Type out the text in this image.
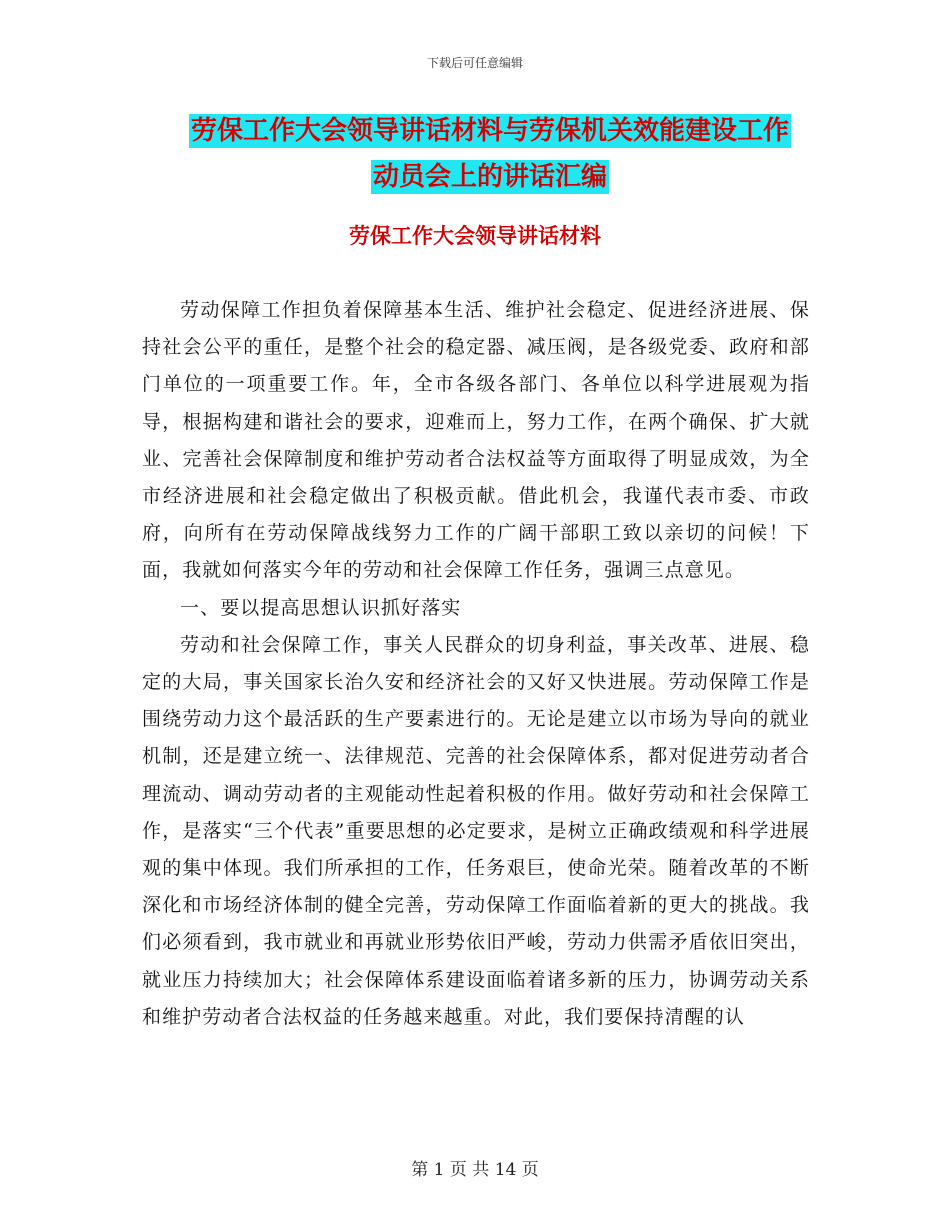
下载后可任意编辑
劳保工作大会领导讲话材料与劳保机关效能建设工作
动员会上的讲话汇编
劳保工作大会领导讲话材料

劳动保障工作担负着保障基本生活、维护社会稳定、促进经济进展、保持社会公平的重任，是整个社会的稳定器、减压阀，是各级党委、政府和部门单位的一项重要工作。年，全市各级各部门、各单位以科学进展观为指导，根据构建和谐社会的要求，迎难而上，努力工作，在两个确保、扩大就业、完善社会保障制度和维护劳动者合法权益等方面取得了明显成效，为全市经济进展和社会稳定做出了积极贡献。借此机会，我谨代表市委、市政府，向所有在劳动保障战线努力工作的广阔干部职工致以亲切的问候！下面，我就如何落实今年的劳动和社会保障工作任务，强调三点意见。

一、要以提高思想认识抓好落实

劳动和社会保障工作，事关人民群众的切身利益，事关改革、进展、稳定的大局，事关国家长治久安和经济社会的又好又快进展。劳动保障工作是围绕劳动力这个最活跃的生产要素进行的。无论是建立以市场为导向的就业机制，还是建立统一、法律规范、完善的社会保障体系，都对促进劳动者合理流动、调动劳动者的主观能动性起着积极的作用。做好劳动和社会保障工作，是落实“三个代表”重要思想的必定要求，是树立正确政绩观和科学进展观的集中体现。我们所承担的工作，任务艰巨，使命光荣。随着改革的不断深化和市场经济体制的健全完善，劳动保障工作面临着新的更大的挑战。我们必须看到，我市就业和再就业形势依旧严峻，劳动力供需矛盾依旧突出，就业压力持续加大；社会保障体系建设面临着诸多新的压力，协调劳动关系和维护劳动者合法权益的任务越来越重。对此，我们要保持清醒的认

第 1 页 共 14 页
